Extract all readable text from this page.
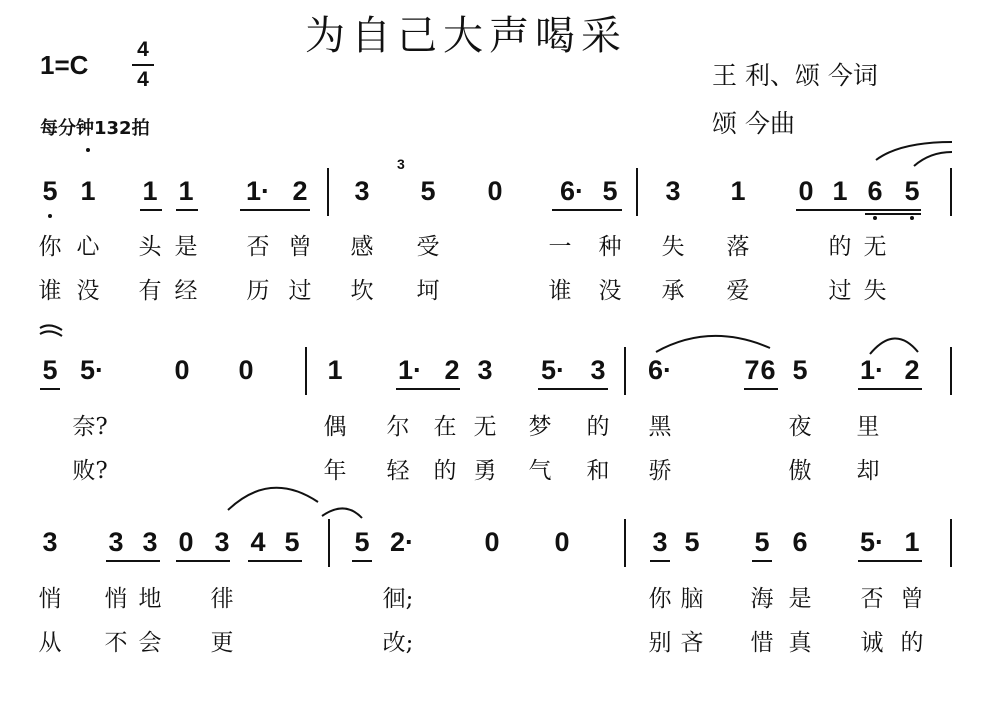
为自己大声喝采
1=C
4
4	王 利、颂 今词
颂 今曲
每分钟132拍
5 1 1 1 1· 2 3
3
5 0 6· 5 3 1 0 1 6 5
你 心 头 是 否 曾 感 受	一 种 失 落	的 无
谁 没 有 经 历 过 坎 坷	谁 没 承 爱	过 失
5 5·	0 0	1 1· 2 3 5· 3 6·	7 6 5 1· 2
奈?	偶 尔 在 无 梦 的 黑	夜 里
败?	年 轻 的 勇 气 和 骄	傲 却
3 3 3 0 3 4 5 5 2·	0 0	3 5 5 6 5· 1
悄 悄 地 徘	徊;	你 脑 海 是 否 曾
从 不 会 更	改;	别 吝 惜 真 诚 的
